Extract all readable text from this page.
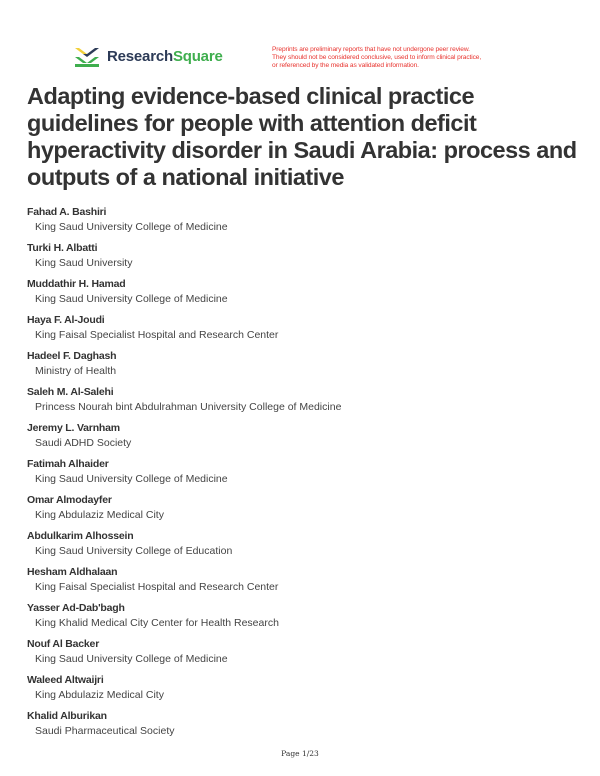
ResearchSquare	Preprints are preliminary reports that have not undergone peer review.
They should not be considered conclusive, used to inform clinical practice,
or referenced by the media as validated information.
Adapting evidence-based clinical practice guidelines for people with attention deficit hyperactivity disorder in Saudi Arabia: process and outputs of a national initiative
Fahad A. Bashiri
King Saud University College of Medicine
Turki H. Albatti
King Saud University
Muddathir H. Hamad
King Saud University College of Medicine
Haya F. Al-Joudi
King Faisal Specialist Hospital and Research Center
Hadeel F. Daghash
Ministry of Health
Saleh M. Al-Salehi
Princess Nourah bint Abdulrahman University College of Medicine
Jeremy L. Varnham
Saudi ADHD Society
Fatimah Alhaider
King Saud University College of Medicine
Omar Almodayfer
King Abdulaziz Medical City
Abdulkarim Alhossein
King Saud University College of Education
Hesham Aldhalaan
King Faisal Specialist Hospital and Research Center
Yasser Ad-Dab'bagh
King Khalid Medical City Center for Health Research
Nouf Al Backer
King Saud University College of Medicine
Waleed Altwaijri
King Abdulaziz Medical City
Khalid Alburikan
Saudi Pharmaceutical Society
Page 1/23
